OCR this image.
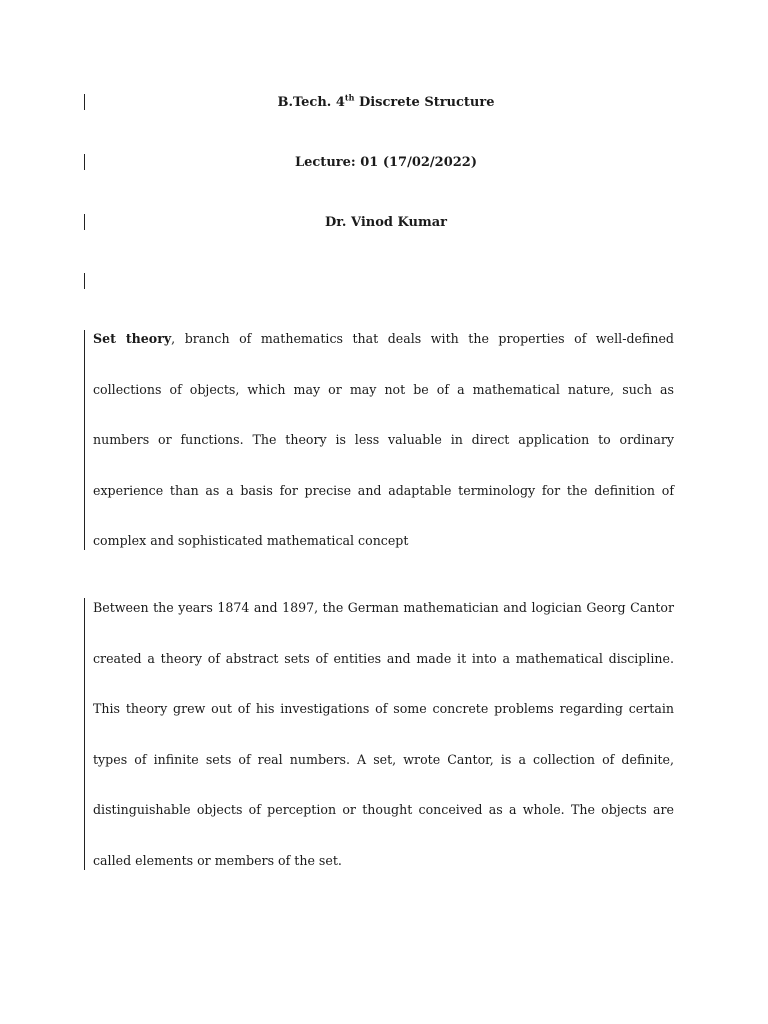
B.Tech. 4th Discrete Structure
Lecture: 01 (17/02/2022)
Dr. Vinod Kumar

Set theory, branch of mathematics that deals with the properties of well-defined collections of objects, which may or may not be of a mathematical nature, such as numbers or functions. The theory is less valuable in direct application to ordinary experience than as a basis for precise and adaptable terminology for the definition of complex and sophisticated mathematical concept

Between the years 1874 and 1897, the German mathematician and logician Georg Cantor created a theory of abstract sets of entities and made it into a mathematical discipline. This theory grew out of his investigations of some concrete problems regarding certain types of infinite sets of real numbers. A set, wrote Cantor, is a collection of definite, distinguishable objects of perception or thought conceived as a whole. The objects are called elements or members of the set.
